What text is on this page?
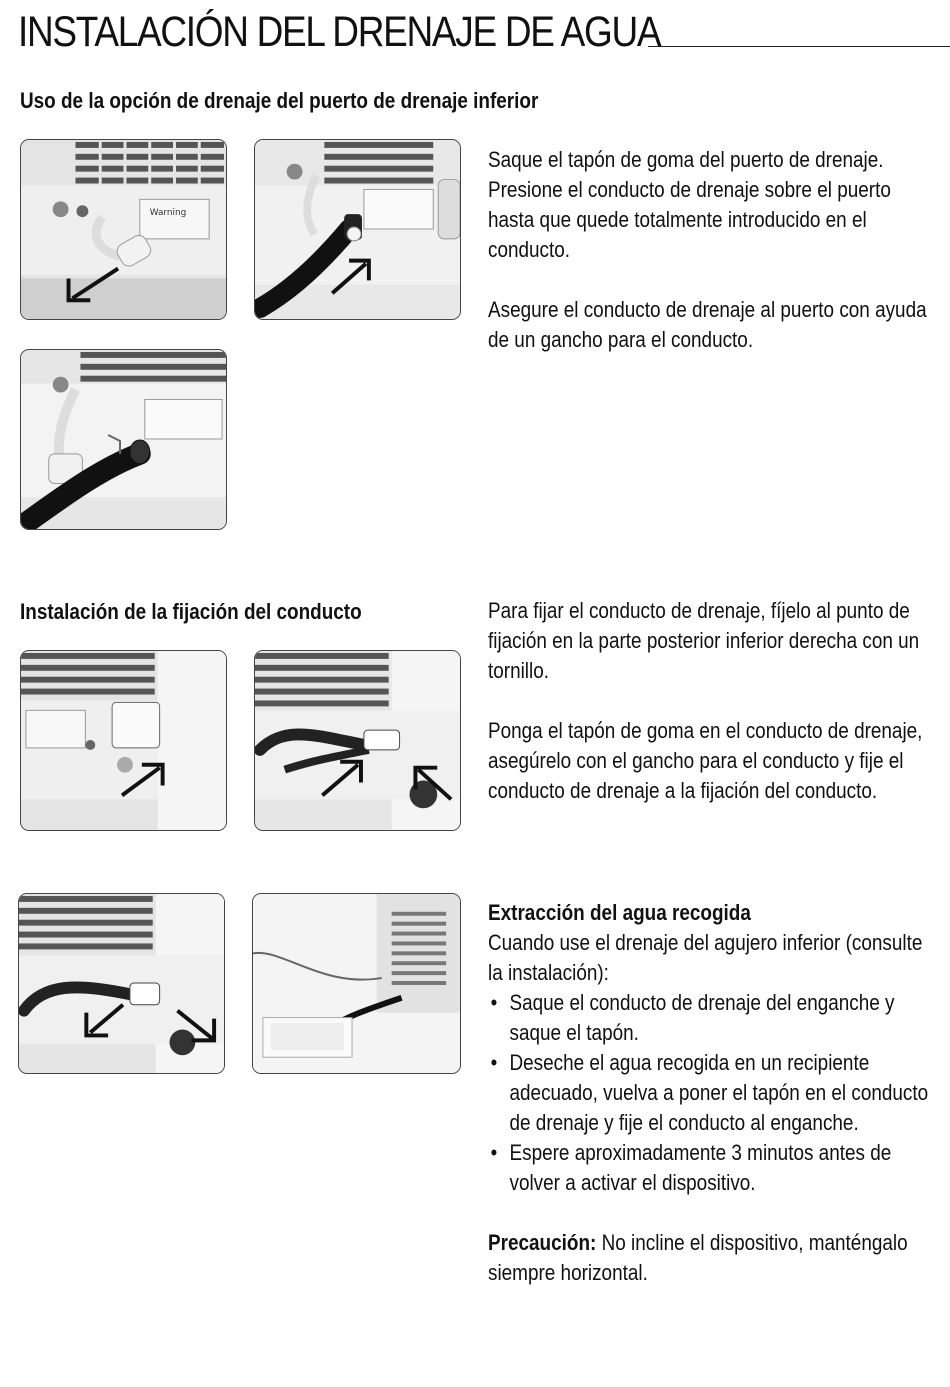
INSTALACIÓN DEL DRENAJE DE AGUA
Uso de la opción de drenaje del puerto de drenaje inferior
Warning

Saque el tapón de goma del puerto de drenaje. Presione el conducto de drenaje sobre el puerto hasta que quede totalmente introducido en el conducto.

Asegure el conducto de drenaje al puerto con ayuda de un gancho para el conducto.

Instalación de la fijación del conducto	Para fijar el conducto de drenaje, fíjelo al punto de fijación en la parte posterior inferior derecha con un tornillo.

Ponga el tapón de goma en el conducto de drenaje, asegúrelo con el gancho para el conducto y fije el conducto de drenaje a la fijación del conducto.

Extracción del agua recogida

Cuando use el drenaje del agujero inferior (consulte la instalación):

• Saque el conducto de drenaje del enganche y saque el tapón.
• Deseche el agua recogida en un recipiente adecuado, vuelva a poner el tapón en el conducto de drenaje y fije el conducto al enganche.
• Espere aproximadamente 3 minutos antes de volver a activar el dispositivo.

Precaución: No incline el dispositivo, manténgalo siempre horizontal.
